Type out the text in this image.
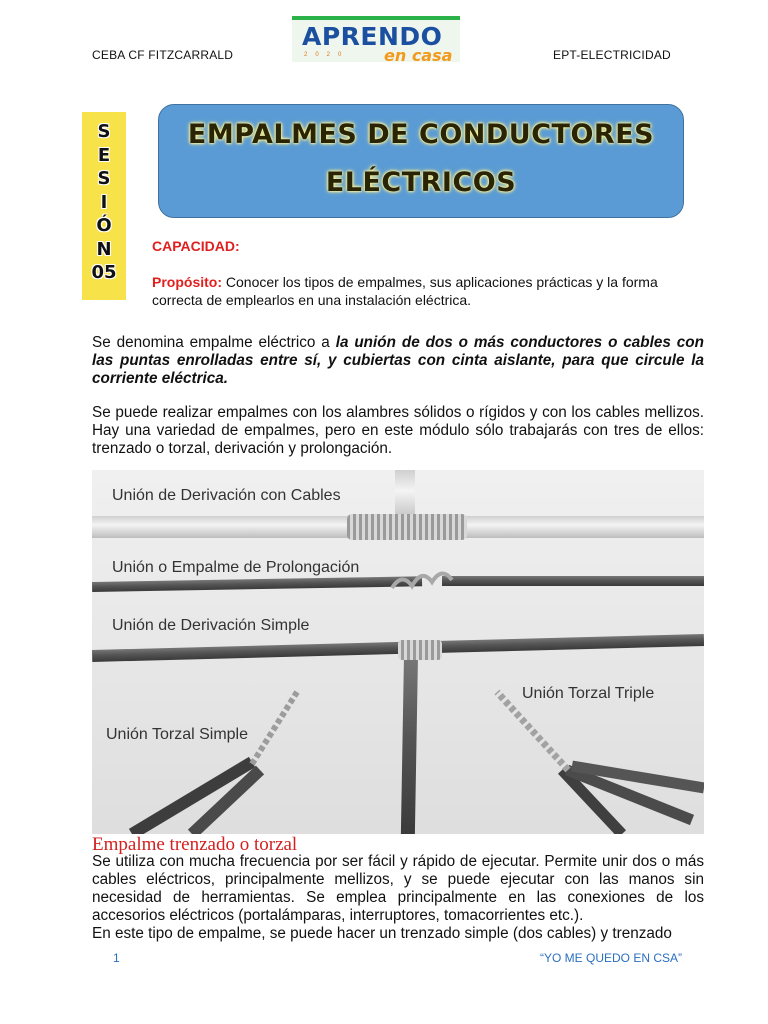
CEBA CF FITZCARRALD	EPT-ELECTRICIDAD
APRENDO
2020 en casa
S
E
S
I
Ó
N
05
EMPALMES DE CONDUCTORES
ELÉCTRICOS
CAPACIDAD:
Propósito: Conocer los tipos de empalmes, sus aplicaciones prácticas y la forma correcta de emplearlos en una instalación eléctrica.
Se denomina empalme eléctrico a la unión de dos o más conductores o cables con las puntas enrolladas entre sí, y cubiertas con cinta aislante, para que circule la corriente eléctrica.
Se puede realizar empalmes con los alambres sólidos o rígidos y con los cables mellizos. Hay una variedad de empalmes, pero en este módulo sólo trabajarás con tres de ellos: trenzado o torzal, derivación y prolongación.
Unión de Derivación con Cables
Unión o Empalme de Prolongación
Unión de Derivación Simple
Unión Torzal Triple
Unión Torzal Simple
Empalme trenzado o torzal
Se utiliza con mucha frecuencia por ser fácil y rápido de ejecutar. Permite unir dos o más cables eléctricos, principalmente mellizos, y se puede ejecutar con las manos sin necesidad de herramientas. Se emplea principalmente en las conexiones de los accesorios eléctricos (portalámparas, interruptores, tomacorrientes etc.).
En este tipo de empalme, se puede hacer un trenzado simple (dos cables) y trenzado
1	“YO ME QUEDO EN CSA”
